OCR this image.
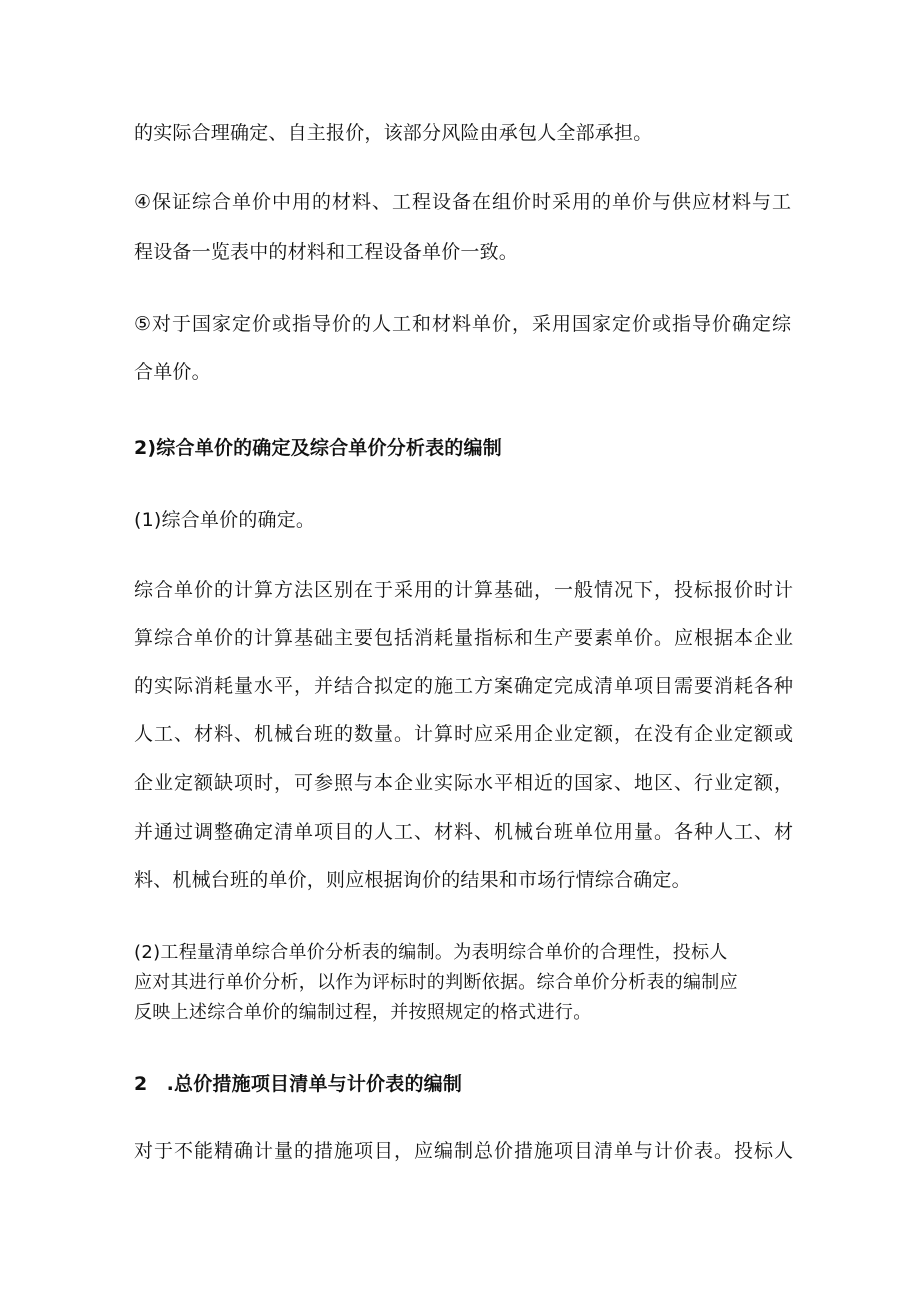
的实际合理确定、自主报价，该部分风险由承包人全部承担。
④保证综合单价中用的材料、工程设备在组价时采用的单价与供应材料与工
程设备一览表中的材料和工程设备单价一致。
⑤对于国家定价或指导价的人工和材料单价，采用国家定价或指导价确定综
合单价。
2)综合单价的确定及综合单价分析表的编制
(1)综合单价的确定。
综合单价的计算方法区别在于采用的计算基础，一般情况下，投标报价时计
算综合单价的计算基础主要包括消耗量指标和生产要素单价。应根据本企业
的实际消耗量水平，并结合拟定的施工方案确定完成清单项目需要消耗各种
人工、材料、机械台班的数量。计算时应采用企业定额，在没有企业定额或
企业定额缺项时，可参照与本企业实际水平相近的国家、地区、行业定额，
并通过调整确定清单项目的人工、材料、机械台班单位用量。各种人工、材
料、机械台班的单价，则应根据询价的结果和市场行情综合确定。
(2)工程量清单综合单价分析表的编制。为表明综合单价的合理性，投标人
应对其进行单价分析，以作为评标时的判断依据。综合单价分析表的编制应
反映上述综合单价的编制过程，并按照规定的格式进行。
2　.总价措施项目清单与计价表的编制
对于不能精确计量的措施项目，应编制总价措施项目清单与计价表。投标人
